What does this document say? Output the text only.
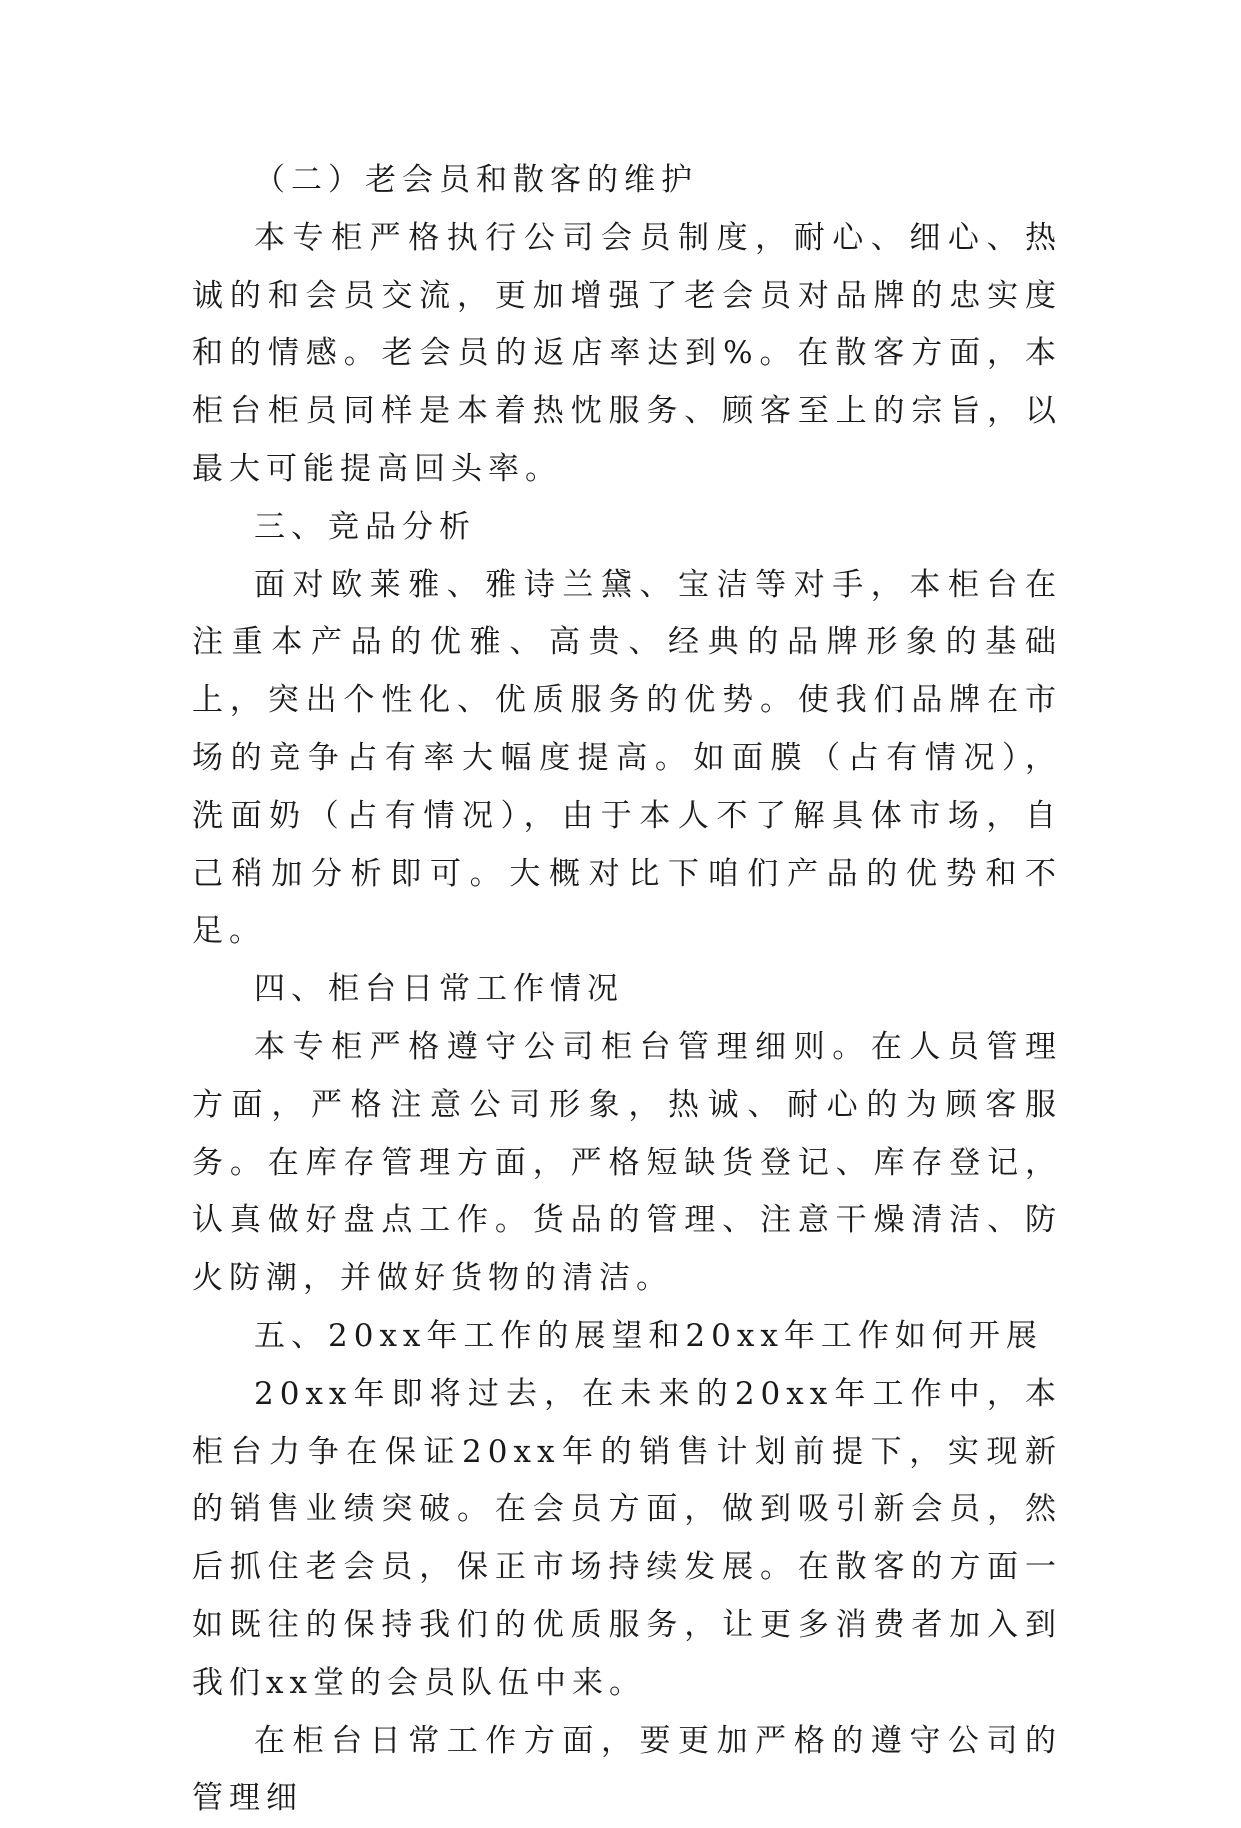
（二）老会员和散客的维护

本专柜严格执行公司会员制度，耐心、细心、热诚的和会员交流，更加增强了老会员对品牌的忠实度和的情感。老会员的返店率达到%。在散客方面，本柜台柜员同样是本着热忱服务、顾客至上的宗旨，以最大可能提高回头率。

三、竞品分析

面对欧莱雅、雅诗兰黛、宝洁等对手，本柜台在注重本产品的优雅、高贵、经典的品牌形象的基础上，突出个性化、优质服务的优势。使我们品牌在市场的竞争占有率大幅度提高。如面膜（占有情况），洗面奶（占有情况），由于本人不了解具体市场，自己稍加分析即可。大概对比下咱们产品的优势和不足。

四、柜台日常工作情况

本专柜严格遵守公司柜台管理细则。在人员管理方面，严格注意公司形象，热诚、耐心的为顾客服务。在库存管理方面，严格短缺货登记、库存登记，认真做好盘点工作。货品的管理、注意干燥清洁、防火防潮，并做好货物的清洁。

五、20xx年工作的展望和20xx年工作如何开展

20xx年即将过去，在未来的20xx年工作中，本柜台力争在保证20xx年的销售计划前提下，实现新的销售业绩突破。在会员方面，做到吸引新会员，然后抓住老会员，保正市场持续发展。在散客的方面一如既往的保持我们的优质服务，让更多消费者加入到我们xx堂的会员队伍中来。

在柜台日常工作方面，要更加严格的遵守公司的管理细
